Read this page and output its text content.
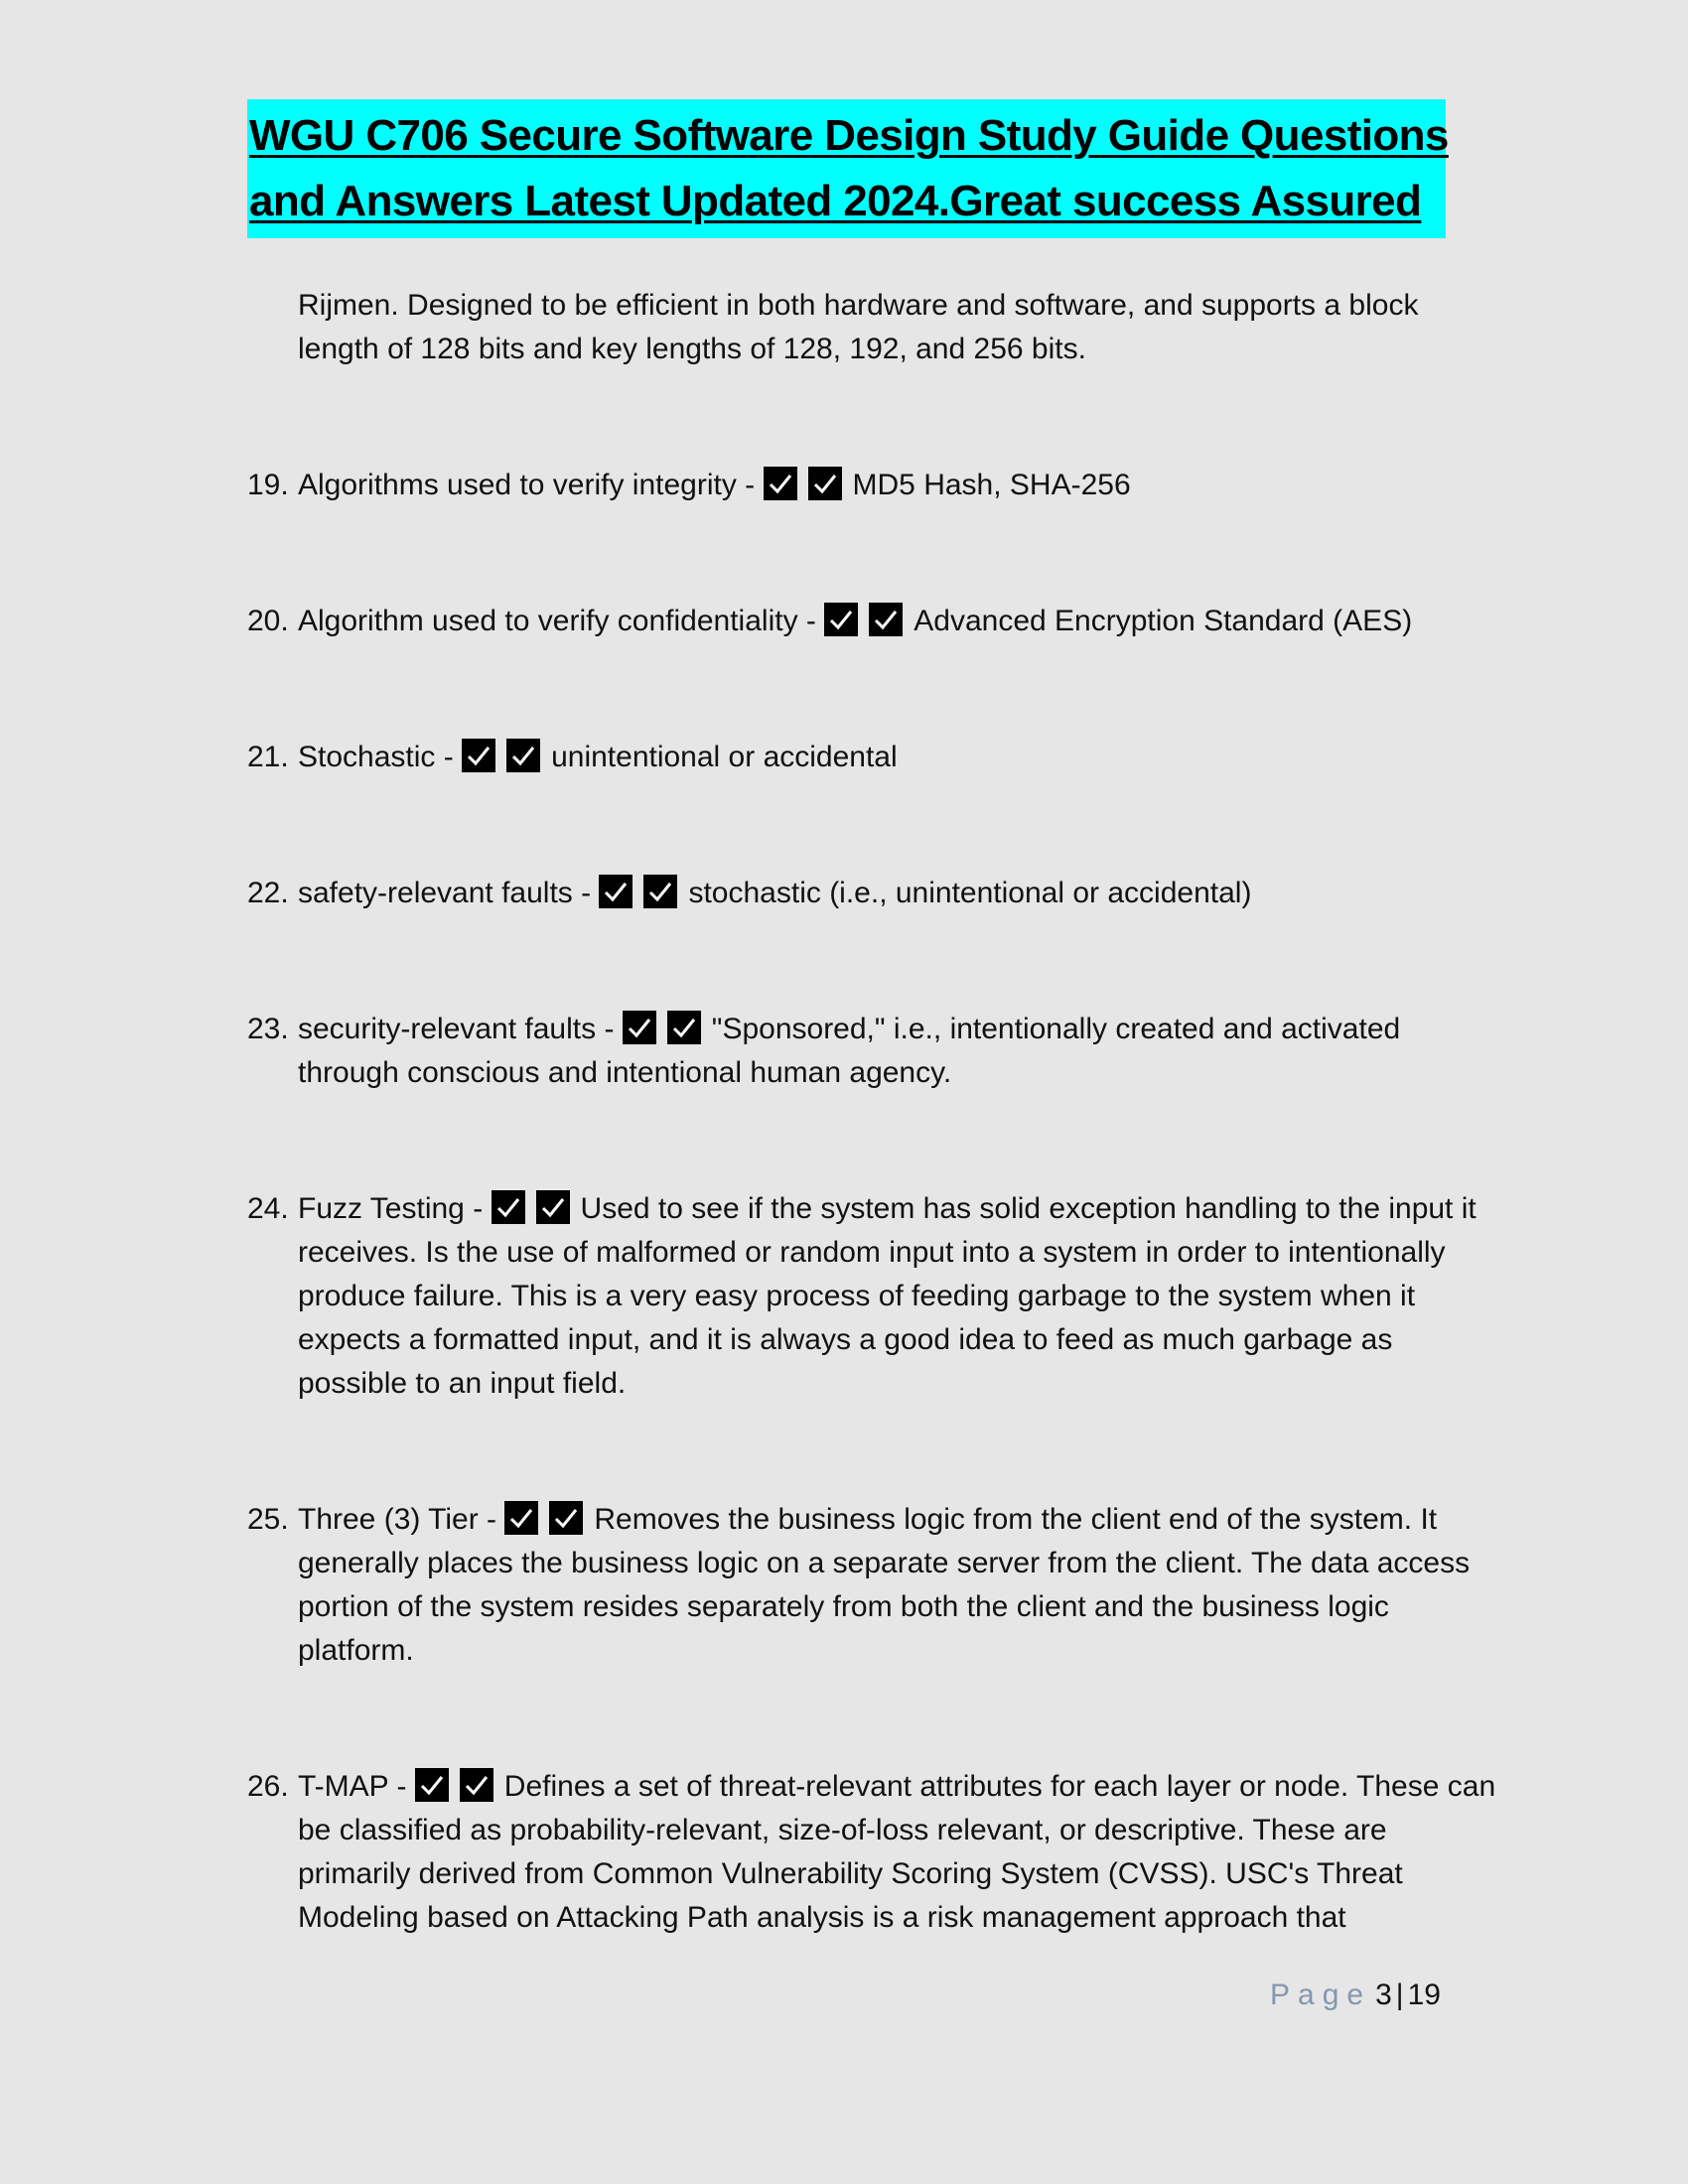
WGU C706 Secure Software Design Study Guide Questions
and Answers Latest Updated 2024.Great success Assured
Rijmen. Designed to be efficient in both hardware and software, and supports a block length of 128 bits and key lengths of 128, 192, and 256 bits.
19. Algorithms used to verify integrity -	MD5 Hash, SHA-256
20. Algorithm used to verify confidentiality -	Advanced Encryption Standard (AES)
21. Stochastic -	unintentional or accidental
22. safety-relevant faults -	stochastic (i.e., unintentional or accidental)
23. security-relevant faults -	"Sponsored," i.e., intentionally created and activated through conscious and intentional human agency.
24. Fuzz Testing -	Used to see if the system has solid exception handling to the input it receives. Is the use of malformed or random input into a system in order to intentionally produce failure. This is a very easy process of feeding garbage to the system when it expects a formatted input, and it is always a good idea to feed as much garbage as possible to an input field.
25. Three (3) Tier -	Removes the business logic from the client end of the system. It generally places the business logic on a separate server from the client. The data access portion of the system resides separately from both the client and the business logic platform.
26. T-MAP -	Defines a set of threat-relevant attributes for each layer or node. These can be classified as probability-relevant, size-of-loss relevant, or descriptive. These are primarily derived from Common Vulnerability Scoring System (CVSS). USC's Threat Modeling based on Attacking Path analysis is a risk management approach that
Page 3 | 19
